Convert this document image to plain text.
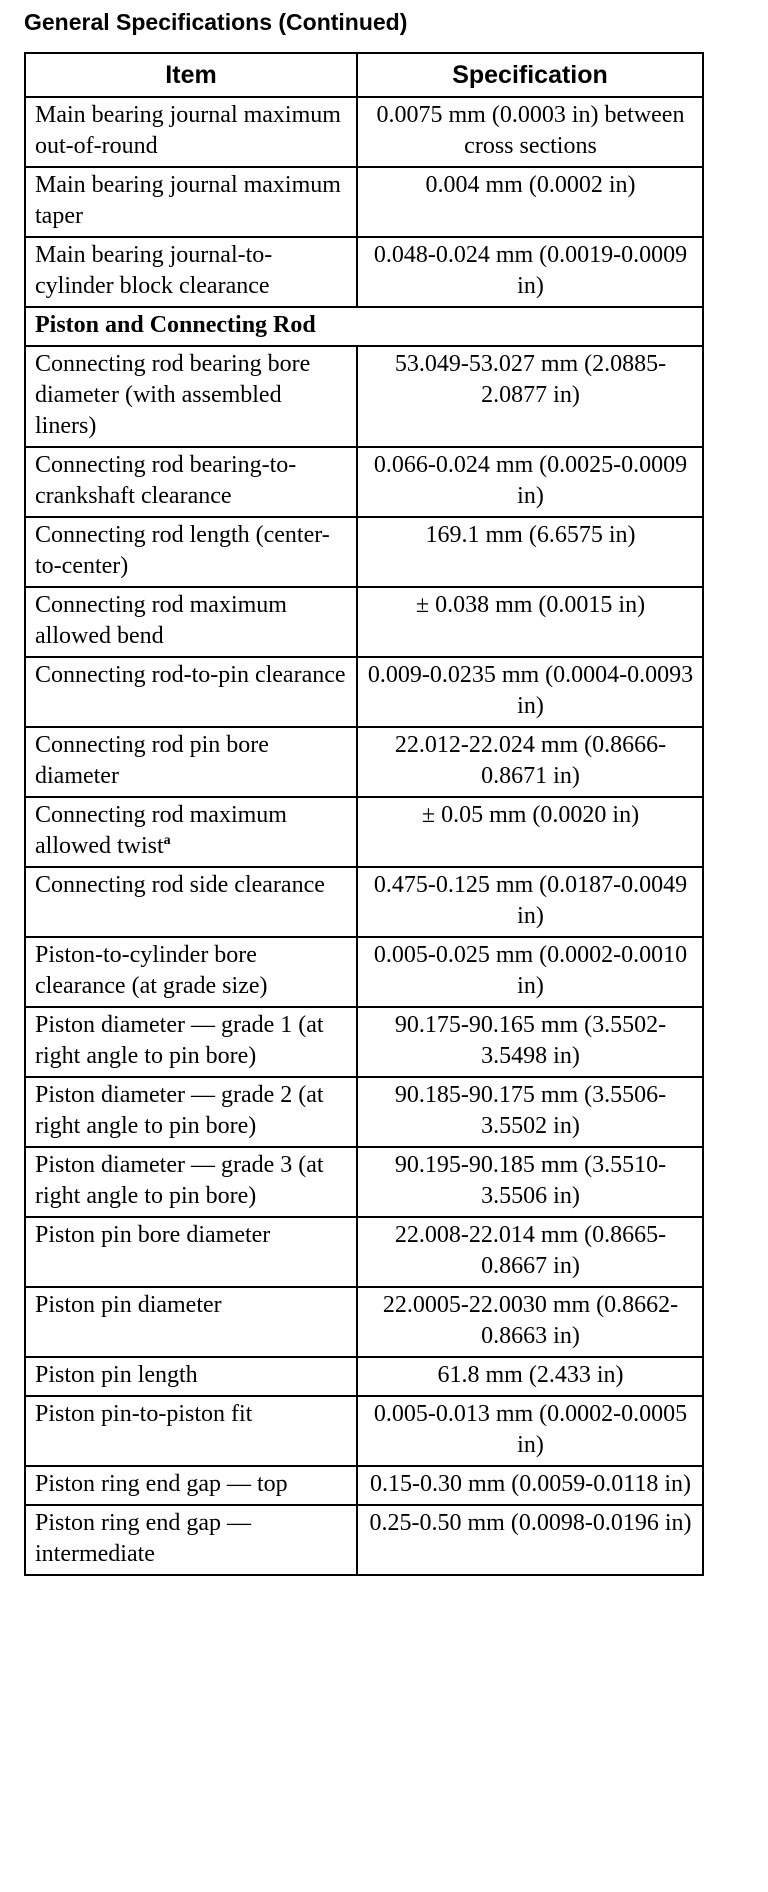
General Specifications (Continued)
Item	Specification
Main bearing journal maximum out-of-round	0.0075 mm (0.0003 in) between cross sections
Main bearing journal maximum taper	0.004 mm (0.0002 in)
Main bearing journal-to-cylinder block clearance	0.048-0.024 mm (0.0019-0.0009 in)
Piston and Connecting Rod	
Connecting rod bearing bore diameter (with assembled liners)	53.049-53.027 mm (2.0885-2.0877 in)
Connecting rod bearing-to-crankshaft clearance	0.066-0.024 mm (0.0025-0.0009 in)
Connecting rod length (center-to-center)	169.1 mm (6.6575 in)
Connecting rod maximum allowed bend	± 0.038 mm (0.0015 in)
Connecting rod-to-pin clearance	0.009-0.0235 mm (0.0004-0.0093 in)
Connecting rod pin bore diameter	22.012-22.024 mm (0.8666-0.8671 in)
Connecting rod maximum allowed twist$^a$	± 0.05 mm (0.0020 in)
Connecting rod side clearance	0.475-0.125 mm (0.0187-0.0049 in)
Piston-to-cylinder bore clearance (at grade size)	0.005-0.025 mm (0.0002-0.0010 in)
Piston diameter — grade 1 (at right angle to pin bore)	90.175-90.165 mm (3.5502-3.5498 in)
Piston diameter — grade 2 (at right angle to pin bore)	90.185-90.175 mm (3.5506-3.5502 in)
Piston diameter — grade 3 (at right angle to pin bore)	90.195-90.185 mm (3.5510-3.5506 in)
Piston pin bore diameter	22.008-22.014 mm (0.8665-0.8667 in)
Piston pin diameter	22.0005-22.0030 mm (0.8662-0.8663 in)
Piston pin length	61.8 mm (2.433 in)
Piston pin-to-piston fit	0.005-0.013 mm (0.0002-0.0005 in)
Piston ring end gap — top	0.15-0.30 mm (0.0059-0.0118 in)
Piston ring end gap — intermediate	0.25-0.50 mm (0.0098-0.0196 in)
